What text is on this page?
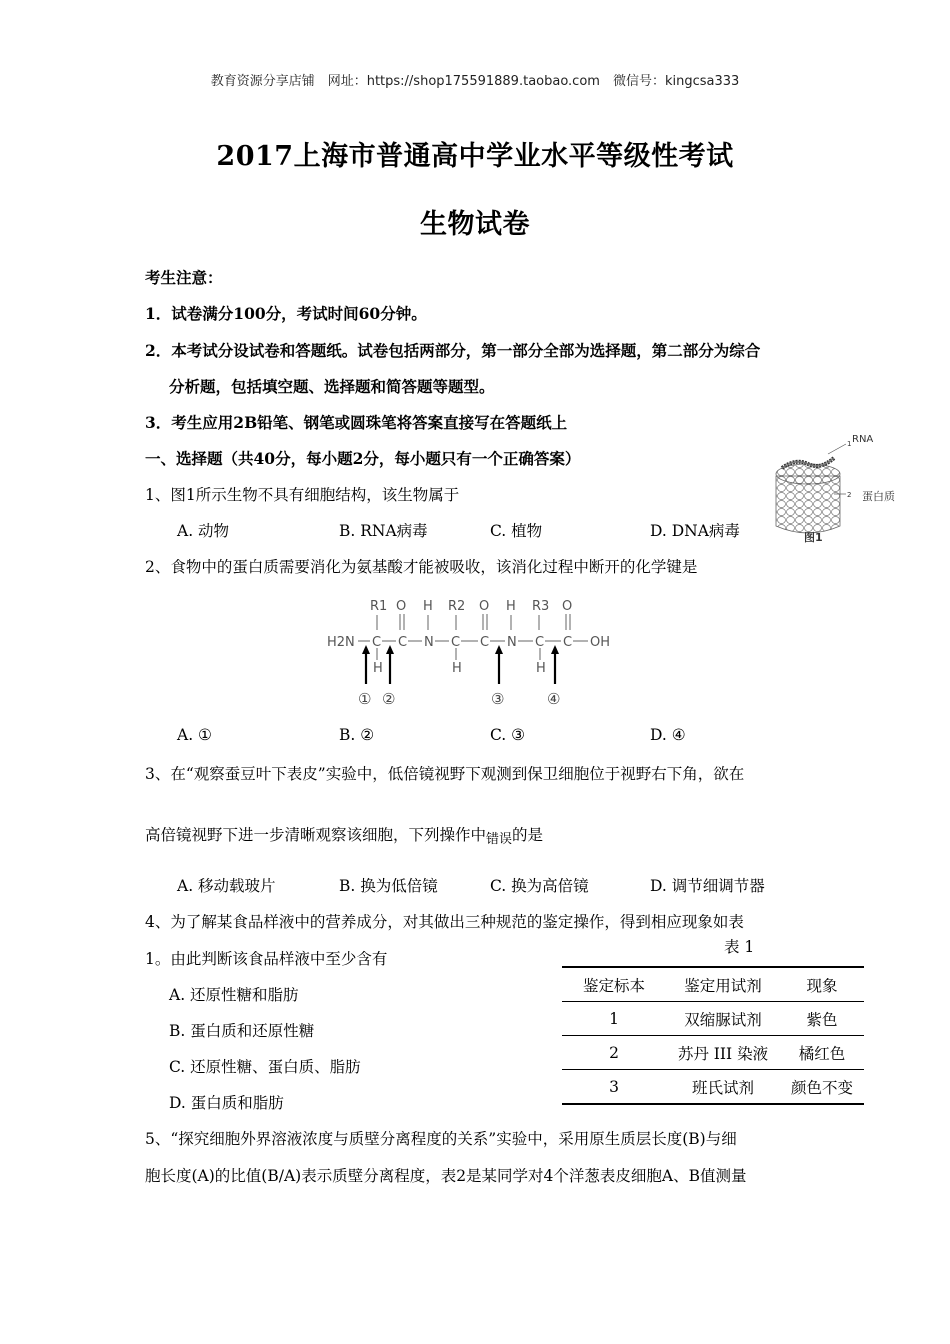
教育资源分享店铺　网址：https://shop175591889.taobao.com　微信号：kingcsa333
2017上海市普通高中学业水平等级性考试
生物试卷
考生注意：
1．试卷满分100分，考试时间60分钟。
2．本考试分设试卷和答题纸。试卷包括两部分，第一部分全部为选择题，第二部分为综合
分析题，包括填空题、选择题和简答题等题型。
3．考生应用2B铅笔、钢笔或圆珠笔将答案直接写在答题纸上
一、选择题（共40分，每小题2分，每小题只有一个正确答案）
1、图1所示生物不具有细胞结构，该生物属于
A. 动物	B. RNA病毒	C. 植物	D. DNA病毒
1 RNA
2 蛋白质
图1
2、食物中的蛋白质需要消化为氨基酸才能被吸收，该消化过程中断开的化学键是
H2N C C N C C N C C OH
R1 O H R2 O H R3 O
H	H	H
① ②	③	④
A. ①	B. ②	C. ③	D. ④
3、在“观察蚕豆叶下表皮”实验中，低倍镜视野下观测到保卫细胞位于视野右下角，欲在
高倍镜视野下进一步清晰观察该细胞，下列操作中错误的是
A. 移动载玻片	B. 换为低倍镜	C. 换为高倍镜	D. 调节细调节器
4、为了解某食品样液中的营养成分，对其做出三种规范的鉴定操作，得到相应现象如表
1。由此判断该食品样液中至少含有
A. 还原性糖和脂肪
B. 蛋白质和还原性糖
C. 还原性糖、蛋白质、脂肪
D. 蛋白质和脂肪
表 1
鉴定标本	鉴定用试剂	现象
1	双缩脲试剂	紫色
2	苏丹 III 染液	橘红色
3	班氏试剂	颜色不变
5、“探究细胞外界溶液浓度与质壁分离程度的关系”实验中，采用原生质层长度(B)与细
胞长度(A)的比值(B/A)表示质壁分离程度，表2是某同学对4个洋葱表皮细胞A、B值测量
